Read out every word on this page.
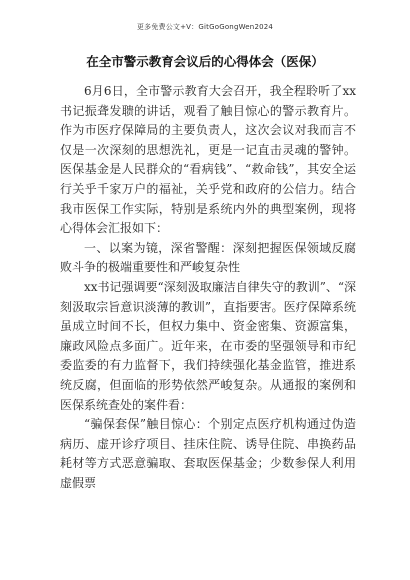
更多免费公文+V：GitGoGongWen2024
在全市警示教育会议后的心得体会（医保）

6月6日，全市警示教育大会召开，我全程聆听了xx书记振聋发聩的讲话，观看了触目惊心的警示教育片。作为市医疗保障局的主要负责人，这次会议对我而言不仅是一次深刻的思想洗礼，更是一记直击灵魂的警钟。医保基金是人民群众的“看病钱”、“救命钱”，其安全运行关乎千家万户的福祉，关乎党和政府的公信力。结合我市医保工作实际，特别是系统内外的典型案例，现将心得体会汇报如下：

一、以案为镜，深省警醒：深刻把握医保领域反腐败斗争的极端重要性和严峻复杂性

xx书记强调要“深刻汲取廉洁自律失守的教训”、“深刻汲取宗旨意识淡薄的教训”，直指要害。医疗保障系统虽成立时间不长，但权力集中、资金密集、资源富集，廉政风险点多面广。近年来，在市委的坚强领导和市纪委监委的有力监督下，我们持续强化基金监管，推进系统反腐，但面临的形势依然严峻复杂。从通报的案例和医保系统查处的案件看：

“骗保套保”触目惊心：个别定点医疗机构通过伪造病历、虚开诊疗项目、挂床住院、诱导住院、串换药品耗材等方式恶意骗取、套取医保基金；少数参保人利用虚假票
